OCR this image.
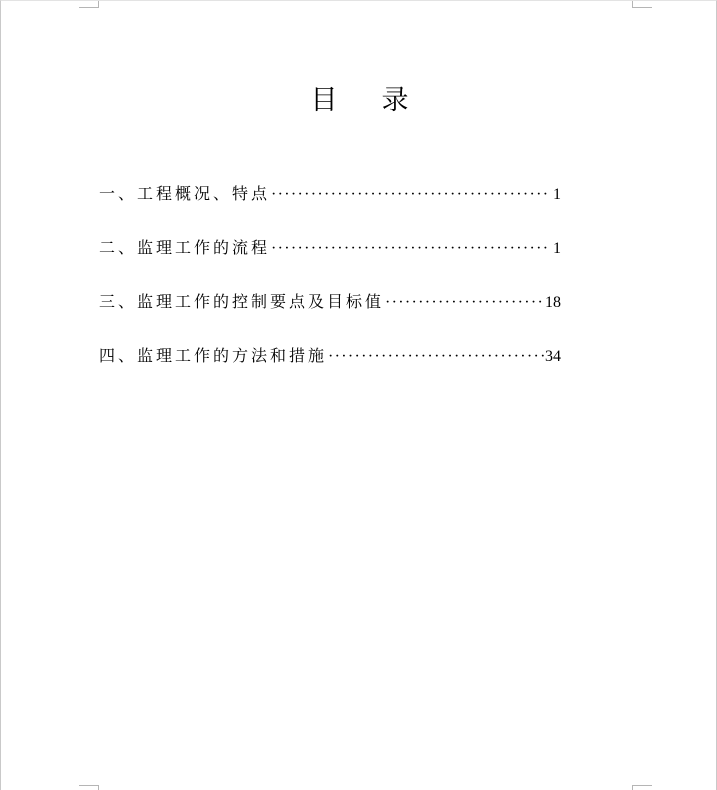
目录
一、工程概况、特点 ·····	1
二、监理工作的流程 ·····	1
三、监理工作的控制要点及目标值 ·····	18
四、监理工作的方法和措施 ·····	34
